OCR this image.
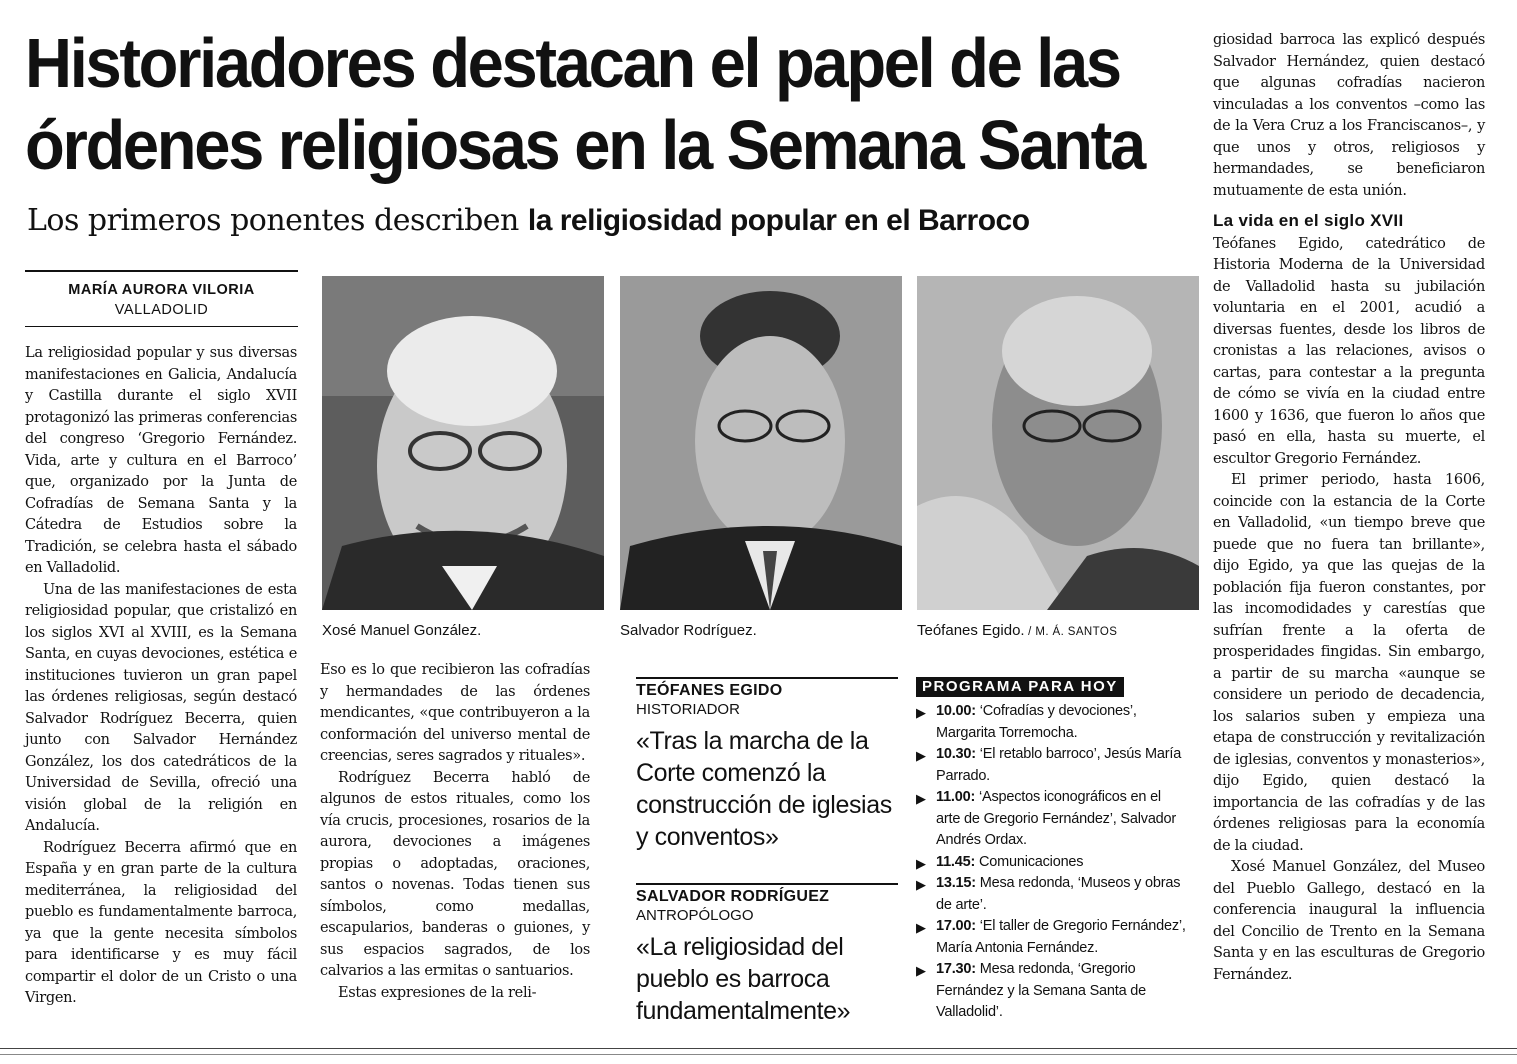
Historiadores destacan el papel de las
órdenes religiosas en la Semana Santa
Los primeros ponentes describen la religiosidad popular en el Barroco
MARÍA AURORA VILORIA
VALLADOLID

La religiosidad popular y sus diversas manifestaciones en Galicia, Andalucía y Castilla durante el siglo XVII protagonizó las primeras conferencias del congreso ‘Gregorio Fernández. Vida, arte y cultura en el Barroco’ que, organizado por la Junta de Cofradías de Semana Santa y la Cátedra de Estudios sobre la Tradición, se celebra hasta el sábado en Valladolid.

Una de las manifestaciones de esta religiosidad popular, que cristalizó en los siglos XVI al XVIII, es la Semana Santa, en cuyas devociones, estética e instituciones tuvieron un gran papel las órdenes religiosas, según destacó Salvador Rodríguez Becerra, quien junto con Salvador Hernández González, los dos catedráticos de la Universidad de Sevilla, ofreció una visión global de la religión en Andalucía.

Rodríguez Becerra afirmó que en España y en gran parte de la cultura mediterránea, la religiosidad del pueblo es fundamentalmente barroca, ya que la gente necesita símbolos para identificarse y es muy fácil compartir el dolor de un Cristo o una Virgen.

Xosé Manuel González.	Salvador Rodríguez.	Teófanes Egido. / M. Á. SANTOS

Eso es lo que recibieron las cofradías y hermandades de las órdenes mendicantes, «que contribuyeron a la conformación del universo mental de creencias, seres sagrados y rituales».

Rodríguez Becerra habló de algunos de estos rituales, como los vía crucis, procesiones, rosarios de la aurora, devociones a imágenes propias o adoptadas, oraciones, santos o novenas. Todas tienen sus símbolos, como medallas, escapularios, banderas o guiones, y sus espacios sagrados, de los calvarios a las ermitas o santuarios.

Estas expresiones de la reli-

TEÓFANES EGIDO
HISTORIADOR
«Tras la marcha de la Corte comenzó la construcción de iglesias y conventos»
SALVADOR RODRÍGUEZ
ANTROPÓLOGO
«La religiosidad del pueblo es barroca fundamentalmente»
PROGRAMA PARA HOY
▶ 10.00: ‘Cofradías y devociones’, Margarita Torremocha.
▶ 10.30: ‘El retablo barroco’, Jesús María Parrado.
▶ 11.00: ‘Aspectos iconográficos en el arte de Gregorio Fernández’, Salvador Andrés Ordax.
▶ 11.45: Comunicaciones
▶ 13.15: Mesa redonda, ‘Museos y obras de arte’.
▶ 17.00: ‘El taller de Gregorio Fernández’, María Antonia Fernández.
▶ 17.30: Mesa redonda, ‘Gregorio Fernández y la Semana Santa de Valladolid’.

giosidad barroca las explicó después Salvador Hernández, quien destacó que algunas cofradías nacieron vinculadas a los conventos –como las de la Vera Cruz a los Franciscanos–, y que unos y otros, religiosos y hermandades, se beneficiaron mutuamente de esta unión.

La vida en el siglo XVII

Teófanes Egido, catedrático de Historia Moderna de la Universidad de Valladolid hasta su jubilación voluntaria en el 2001, acudió a diversas fuentes, desde los libros de cronistas a las relaciones, avisos o cartas, para contestar a la pregunta de cómo se vivía en la ciudad entre 1600 y 1636, que fueron lo años que pasó en ella, hasta su muerte, el escultor Gregorio Fernández.

El primer periodo, hasta 1606, coincide con la estancia de la Corte en Valladolid, «un tiempo breve que puede que no fuera tan brillante», dijo Egido, ya que las quejas de la población fija fueron constantes, por las incomodidades y carestías que sufrían frente a la oferta de prosperidades fingidas. Sin embargo, a partir de su marcha «aunque se considere un periodo de decadencia, los salarios suben y empieza una etapa de construcción y revitalización de iglesias, conventos y monasterios», dijo Egido, quien destacó la importancia de las cofradías y de las órdenes religiosas para la economía de la ciudad.

Xosé Manuel González, del Museo del Pueblo Gallego, destacó en la conferencia inaugural la influencia del Concilio de Trento en la Semana Santa y en las esculturas de Gregorio Fernández.
